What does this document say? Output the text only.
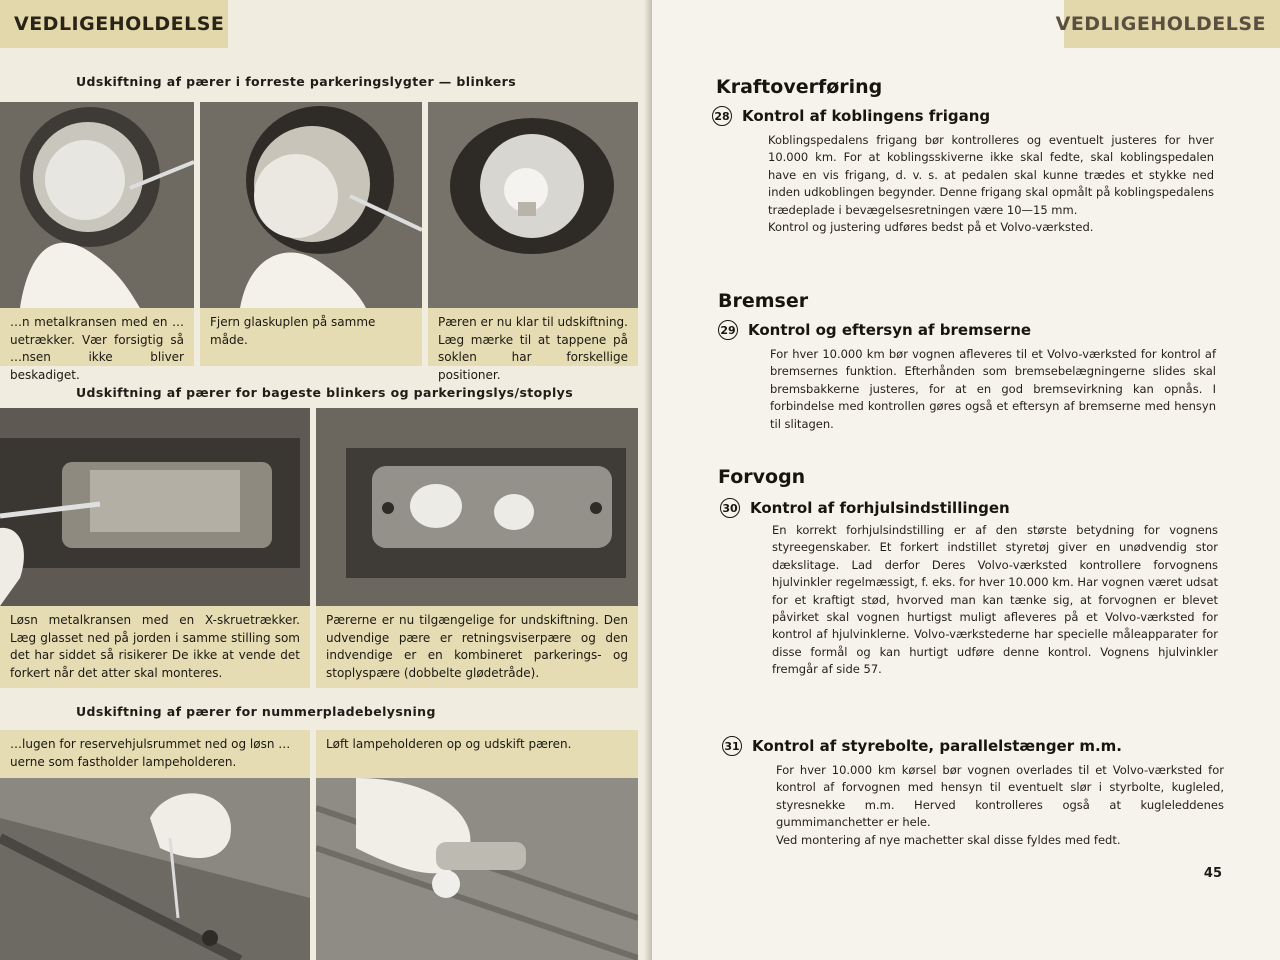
VEDLIGEHOLDELSE
Udskiftning af pærer i forreste parkeringslygter — blinkers
…n metalkransen med en …uetrækker. Vær forsigtig så …nsen ikke bliver beskadiget.
Fjern glaskuplen på samme måde.
Pæren er nu klar til udskiftning. Læg mærke til at tappene på soklen har forskellige positioner.
Udskiftning af pærer for bageste blinkers og parkeringslys/stoplys
Løsn metalkransen med en X-skruetrækker. Læg glasset ned på jorden i samme stilling som det har siddet så risikerer De ikke at vende det forkert når det atter skal monteres.
Pærerne er nu tilgængelige for undskiftning. Den udvendige pære er retningsviserpære og den indvendige er en kombineret parkerings- og stoplyspære (dobbelte glødetråde).
Udskiftning af pærer for nummerpladebelysning
…lugen for reservehjulsrummet ned og løsn …uerne som fastholder lampeholderen.
Løft lampeholderen op og udskift pæren.
VEDLIGEHOLDELSE
Kraftoverføring
28 Kontrol af koblingens frigang

Koblingspedalens frigang bør kontrolleres og eventuelt justeres for hver 10.000 km. For at koblingsskiverne ikke skal fedte, skal koblingspedalen have en vis frigang, d. v. s. at pedalen skal kunne trædes et stykke ned inden udkoblingen begynder. Denne frigang skal opmålt på koblingspedalens trædeplade i bevægelsesretningen være 10—15 mm.

Kontrol og justering udføres bedst på et Volvo-værksted.

Bremser
29 Kontrol og eftersyn af bremserne

For hver 10.000 km bør vognen afleveres til et Volvo-værksted for kontrol af bremsernes funktion. Efterhånden som bremsebelægningerne slides skal bremsbakkerne justeres, for at en god bremsevirkning kan opnås. I forbindelse med kontrollen gøres også et eftersyn af bremserne med hensyn til slitagen.

Forvogn
30 Kontrol af forhjulsindstillingen

En korrekt forhjulsindstilling er af den største betydning for vognens styreegenskaber. Et forkert indstillet styretøj giver en unødvendig stor dækslitage. Lad derfor Deres Volvo-værksted kontrollere forvognens hjulvinkler regelmæssigt, f. eks. for hver 10.000 km. Har vognen været udsat for et kraftigt stød, hvorved man kan tænke sig, at forvognen er blevet påvirket skal vognen hurtigst muligt afleveres på et Volvo-værksted for kontrol af hjulvinklerne. Volvo-værkstederne har specielle måleapparater for disse formål og kan hurtigt udføre denne kontrol. Vognens hjulvinkler fremgår af side 57.

31 Kontrol af styrebolte, parallelstænger m.m.

For hver 10.000 km kørsel bør vognen overlades til et Volvo-værksted for kontrol af forvognen med hensyn til eventuelt slør i styrbolte, kugleled, styresnekke m.m. Herved kontrolleres også at kugleleddenes gummimanchetter er hele.

Ved montering af nye machetter skal disse fyldes med fedt.

45
